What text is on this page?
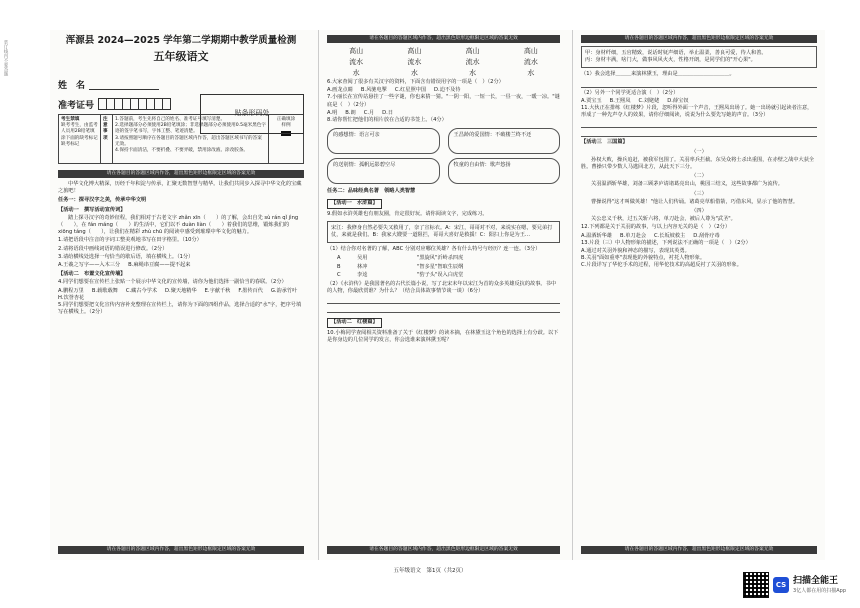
装订线内不要答题	浑源县 2024—2025 学年第二学期期中教学质量检测
五年级语文
姓　名
准考证号
贴条形码处
考生禁填
缺考考生，由监考人员用2B铅笔填涂下面的缺考标记
缺考标记
注意事项
1.答题前，考生先将自己的姓名、准考证号填写清楚。
2.选择题部分必须使用2B铅笔填涂；非选择题部分必须使用0.5毫米黑色字迹的签字笔书写，字体工整、笔迹清楚。
3.请按照题号顺序在各题目的答题区域内作答，超出答题区域书写的答案无效。
4.保持卡面清洁，不要折叠、不要弄破，禁用涂改液、涂改胶条。
正确填涂
样例
请在各题目的答题区域内作答，超出黑色矩形边框限定区域的答案无效
中华文化博大精深，历经千年积淀与传承，汇聚无数智慧与精华。让我们共同步入探寻中华文化的宝藏之旅吧！
任务一：探寻汉字之美，传承中华文明
【活动一　撰写活动宣传词】
踏上探寻汉字的奇妙征程，我们相对于古老文字 zhǎn xīn（　　）的了解，会出自先 sù rán qǐ jìng（　　），在 fán máng（　　）的生活中，它们以不 duàn liàn（　　）着我们的思维，锻炼我们的 xiōng táng（　　），让我们在精彩 zhù chū 的阅读中感受到璀璨中华文化的魅力。
1.请把语段中注音的字词工整美观地书写在田字格里。（10分）
2.请将语段中画线词语的错误进行修改。（2分）
3.请给横线处选择一句恰当的歇后语，填在横线上。（1分）
A.王羲之写字——入木三分 B.麻绳串豆腐——提不起来
【活动二　布置文化宣传墙】
4.同学们想要在宣传栏上张贴一个展示中华文化的宣传墙，请你为他们选择一副恰当的春联。（2分）
A.鹏程万里 B.载歌载舞 C.藏古今学术 D.聚天地精华 E.字献千秋 F.墨传百代 G.韵承竹叶
H.饮誉杏花
5.同学们想要把文化宣传内容补充整理在宣传栏上，请你为下面的四组作品，选择合适的"水"字，把序号填写在横线上。（2分）
请在各题目的答题区域内作答，超出黑色矩形边框限定区域的答案无效
请在各题目的答题区域内作答，超出黑色矩形边框限定区域的答案无效
高山	高山	高山	高山
流水	流水	流水	流水
水	水	水	水
6.大家查阅了很多有关汉字的资料，下面含有错误用字的一项是（　）（2分）
A.画龙点睛 B.风驰电掣 C.红星照中国 D.迫不及待
7.小丽长在宣传站悬挂了一些字谜，你也来猜一猜。"一阴一阳，一短一长，一昼一夜，一暖一凉。"谜底是（　）（2分）
A.明 B.朗 C.月 D.日
8.请你帮忙把他们的相片放在合适的书签上。（4分）
的感想情：语言可亲	王昌龄的爱国情：不破楼兰终不还
的送别情：孤帆远影碧空尽	牧童的自由情：歌声悠扬
任务二：品味经典名著　领略人类智慧
【活动一　水浒篇】
9.假如水浒英雄也有朋友圈，肯定很好玩。请你阅读文字，完成练习。
宋江：我修身自然必要失又救用了，奈了宣标衣。A：宋江，哥哥对不对，来说实在嗯，要兄弟打仗，来就是我们。B：我家大嫂要一道阻拦，哥哥大喜好是救援！C：阳扫上你是为王…
（1）结合你对名著的了解，ABC 分别对应哪位英雄？各有什么特号与经历？连一连。（3分）
A	吴用	"黑旋风"沂岭杀四虎
B	林冲	"智多星"智取生辰纲
C	李逵	"豹子头"误入白虎堂
（2）《水浒传》是我国著名的古代长篇小说，写了北宋末年以宋江为首的众多英雄反抗的故事。书中的人物，你最欣赏谁？为什么？（结合具体故事情节谈一谈）（6分）
【活动二　红楼篇】
10.小梅同学查阅相关资料准备了关于《红楼梦》的读本摘，在林黛玉这个角色的选择上有分歧。以下是你身边的几位同学的发言，你会选谁来演林黛玉呢？
请在各题目的答题区域内作答，超出黑色矩形边框限定区域的答案无效
请在各题目的答题区域内作答，超出黑色矩形边框限定区域的答案无效
甲：身材纤细，五官精致，说话时妩声细语，举止温柔，善良可爱，待人和善。
丙：身材丰满，啥门大，做事风风火火，性格开朗，是同学们的"开心果"。
（1）我会选择＿＿＿来演林黛玉，理由是＿＿＿＿＿＿＿＿＿＿。
（2）另外一个同学更适合演（　）（2分）
A.贾宝玉 B.王熙凤 C.刘姥姥 D.薛宝钗
11.大伙正在排练《红楼梦》片段，忽听得外面一个声音，王熙凤出场了。她一出场就引起读者注意，形成了一种先声夺人的效果，请你仔细阅读，说说为什么要先写她的声音。（3分）
【活动三　三国篇】
（一）
孙权大败，操兵追赶，被我军包围了。关羽率兵拦截。东吴众将士杀出重围，在赤壁之战中大获全胜。曹操只带少数人马逃回北方，从此天下三分。
（二）
关羽温酒斩华雄，刘备三顾茅庐请诸葛亮出山，桃园三结义，这些故事都广为流传。
（三）
曹操说得"这才叫做英雄！"他让人们传诵。诸葛亮草船借箭，巧借东风，显示了他的智慧。
（四）
关公忠义千秋，过五关斩六将，单刀赴会，被后人尊为"武圣"。
12.下列都是关于关羽的故事，与以上内容无关的是（　）（2分）
A.温酒斩华雄 B.单刀赴会 C.长坂坡救主 D.刮骨疗毒
13.片段（三）中人物形象的描述，下列说法不正确的一项是（　）（2分）
A.通过对关羽外貌和神态的描写，表现其英勇。
B.关羽"面如重枣"表现他的外貌特点，衬托人物形象。
C.片段详写了华佗手术的过程，用华佗技术的高超反衬了关羽的形象。
请在各题目的答题区域内作答，超出黑色矩形边框限定区域的答案无效
五年级语文　第1页（共2页）
CS 扫描全能王
3亿人都在用的扫描App
